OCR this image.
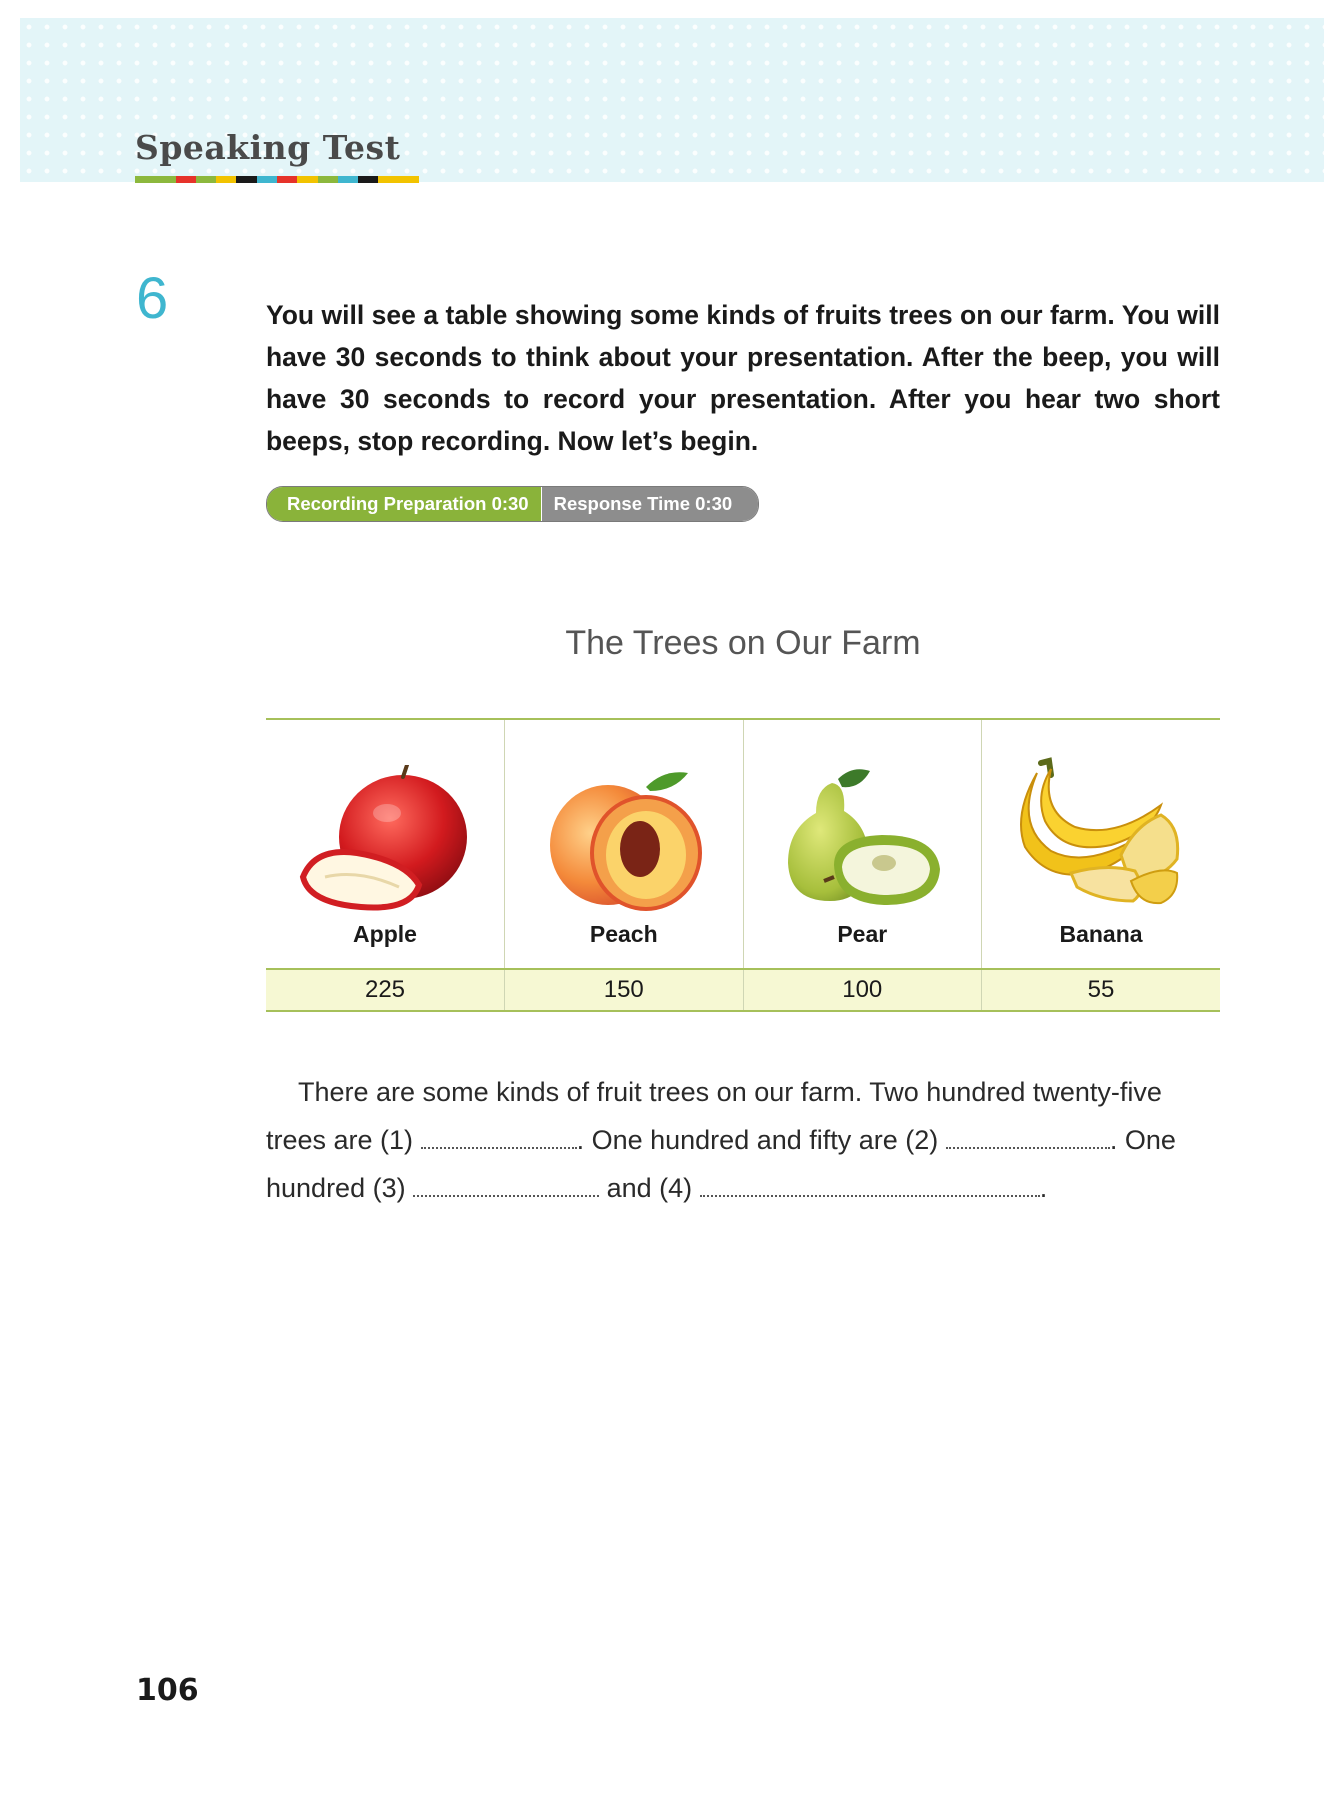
Speaking Test
6	You will see a table showing some kinds of fruits trees on our farm. You will have 30 seconds to think about your presentation. After the beep, you will have 30 seconds to record your presentation. After you hear two short beeps, stop recording. Now let’s begin.
Recording Preparation 0:30	Response Time 0:30
The Trees on Our Farm
Apple	Peach	Pear	Banana

225	150	100	55

There are some kinds of fruit trees on our farm. Two hundred twenty-five

trees are (1)	. One hundred and fifty are (2)	. One

hundred (3)	and (4)	.

106
